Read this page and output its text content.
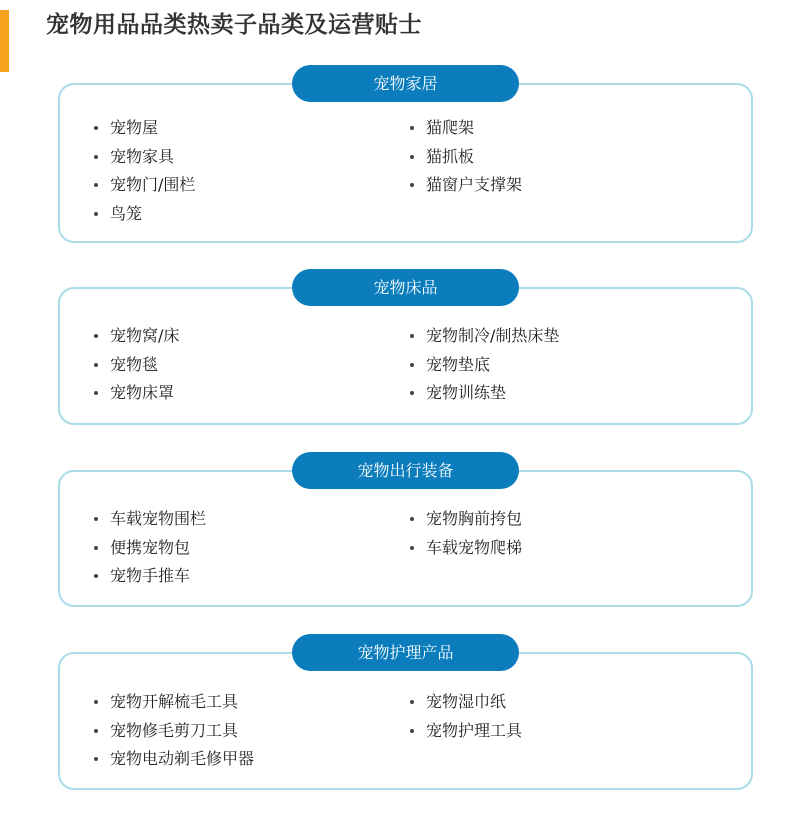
宠物用品品类热卖子品类及运营贴士
宠物屋
宠物家具
宠物门/围栏
鸟笼
猫爬架
猫抓板
猫窗户支撑架
宠物家居
宠物窝/床
宠物毯
宠物床罩
宠物制冷/制热床垫
宠物垫底
宠物训练垫
宠物床品
车载宠物围栏
便携宠物包
宠物手推车
宠物胸前挎包
车载宠物爬梯
宠物出行装备
宠物开解梳毛工具
宠物修毛剪刀工具
宠物电动剃毛修甲器
宠物湿巾纸
宠物护理工具
宠物护理产品
